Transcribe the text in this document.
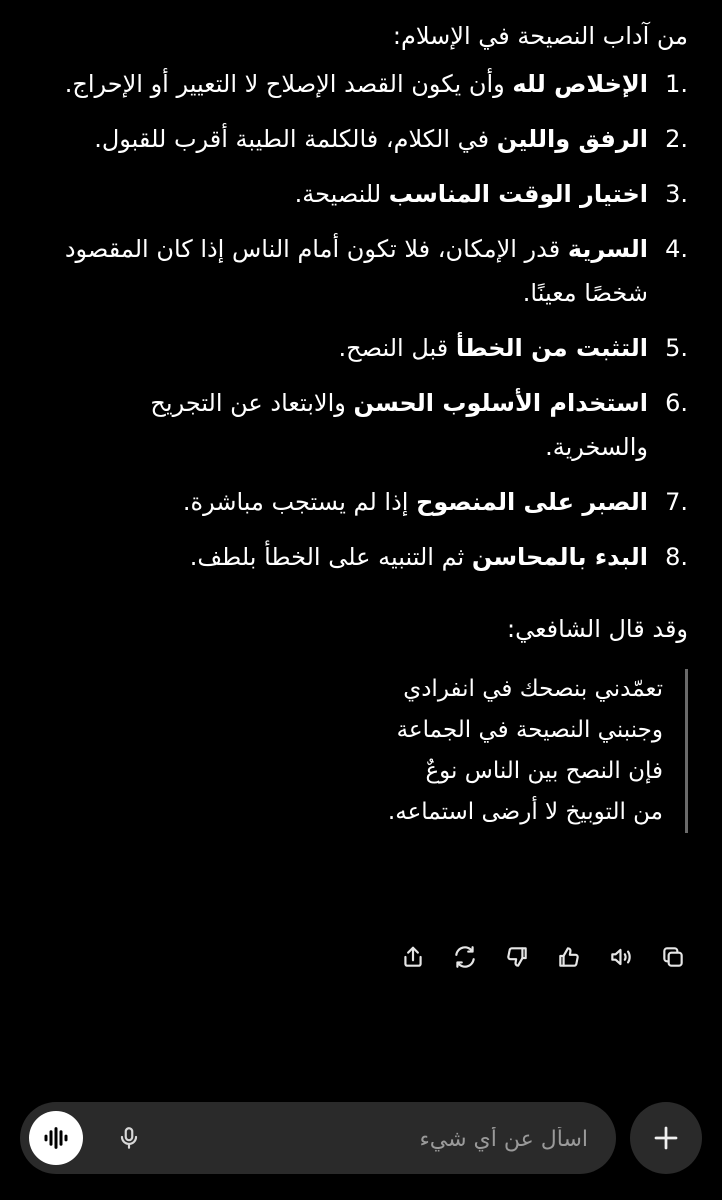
من آداب النصيحة في الإسلام:
1.
الإخلاص لله وأن يكون القصد الإصلاح لا التعيير أو الإحراج.
2.
الرفق واللين في الكلام، فالكلمة الطيبة أقرب للقبول.
3.
اختيار الوقت المناسب للنصيحة.
4.
السرية قدر الإمكان، فلا تكون أمام الناس إذا كان المقصود شخصًا معينًا.
5.
التثبت من الخطأ قبل النصح.
6.
استخدام الأسلوب الحسن والابتعاد عن التجريح والسخرية.
7.
الصبر على المنصوح إذا لم يستجب مباشرة.
8.
البدء بالمحاسن ثم التنبيه على الخطأ بلطف.
وقد قال الشافعي:
تعمّدني بنصحك في انفرادي
وجنبني النصيحة في الجماعة
فإن النصح بين الناس نوعٌ
من التوبيخ لا أرضى استماعه.
اسأل عن أي شيء
